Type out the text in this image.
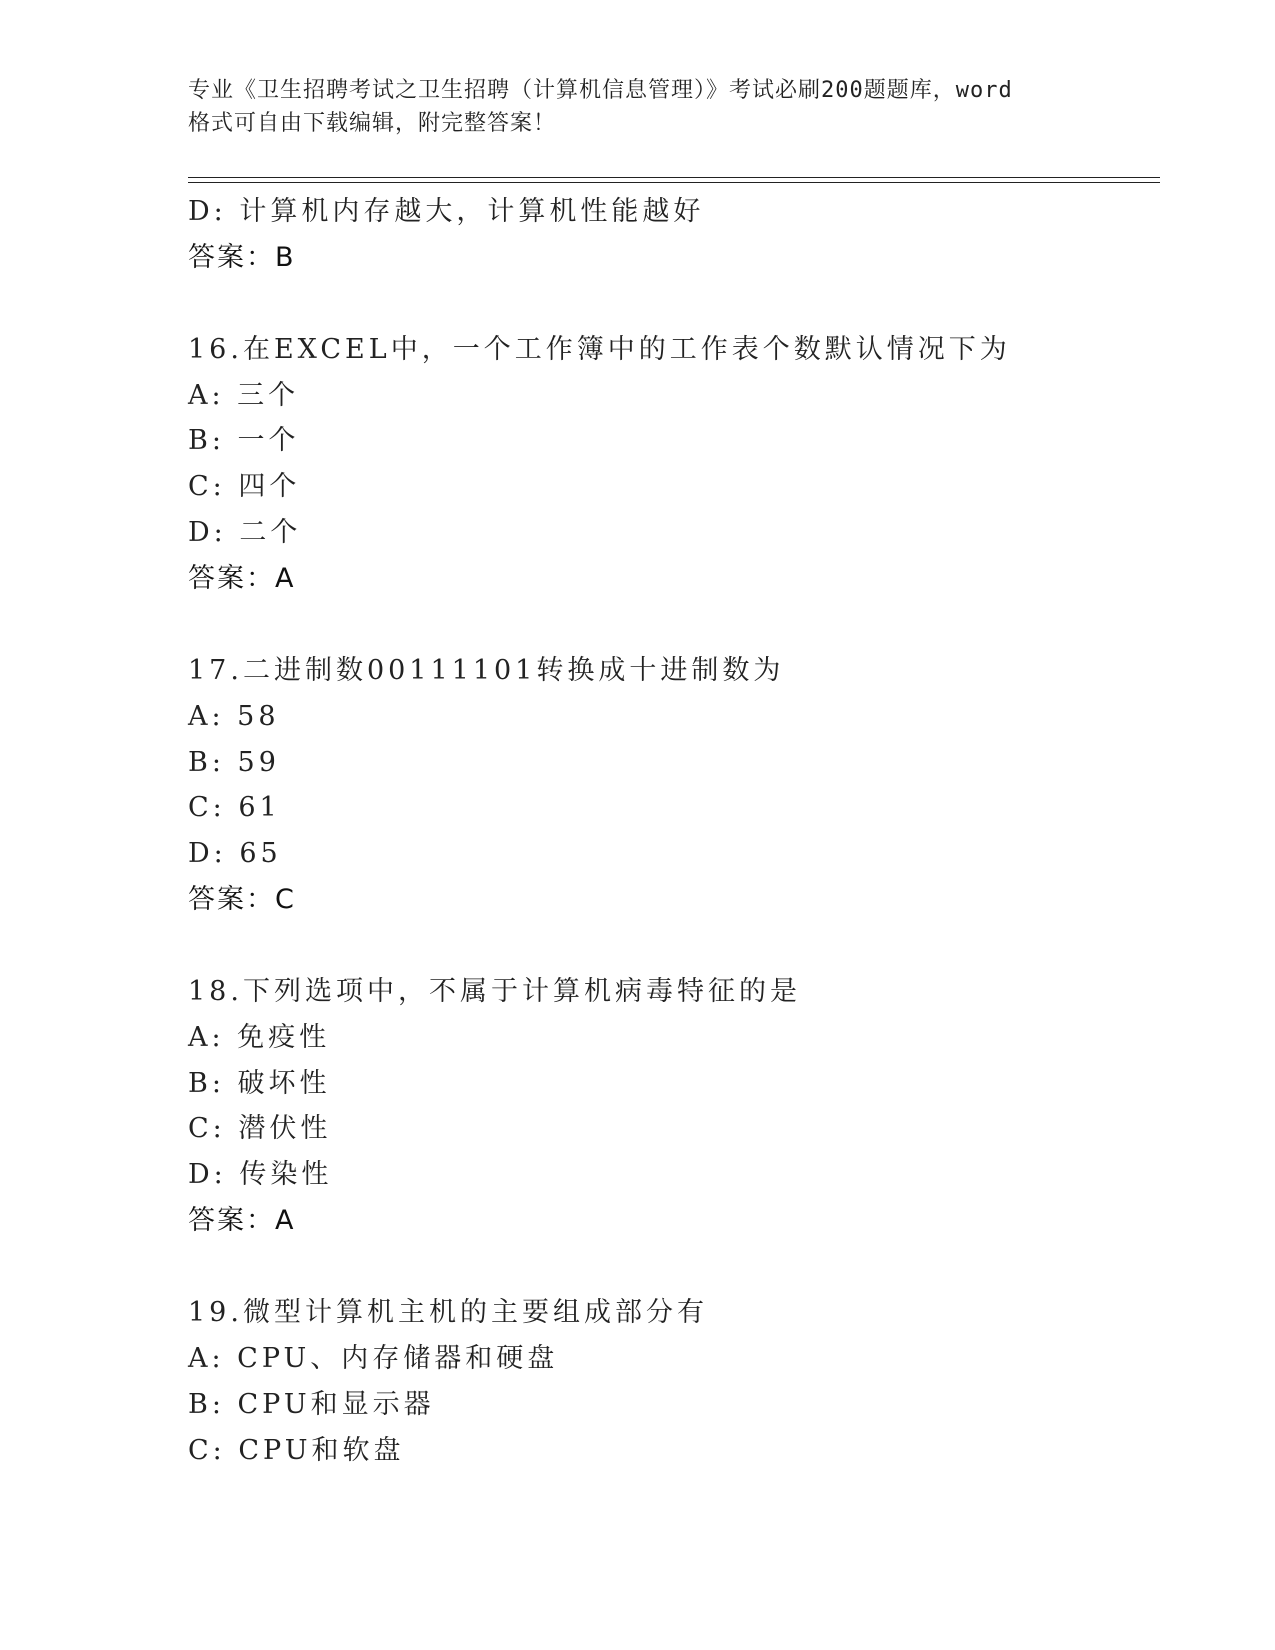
专业《卫生招聘考试之卫生招聘（计算机信息管理）》考试必刷200题题库，word
格式可自由下载编辑，附完整答案！
D: 计算机内存越大，计算机性能越好
答案：B
16.在EXCEL中，一个工作簿中的工作表个数默认情况下为
A: 三个
B: 一个
C: 四个
D: 二个
答案：A
17.二进制数00111101转换成十进制数为
A: 58
B: 59
C: 61
D: 65
答案：C
18.下列选项中，不属于计算机病毒特征的是
A: 免疫性
B: 破坏性
C: 潜伏性
D: 传染性
答案：A
19.微型计算机主机的主要组成部分有
A: CPU、内存储器和硬盘
B: CPU和显示器
C: CPU和软盘
